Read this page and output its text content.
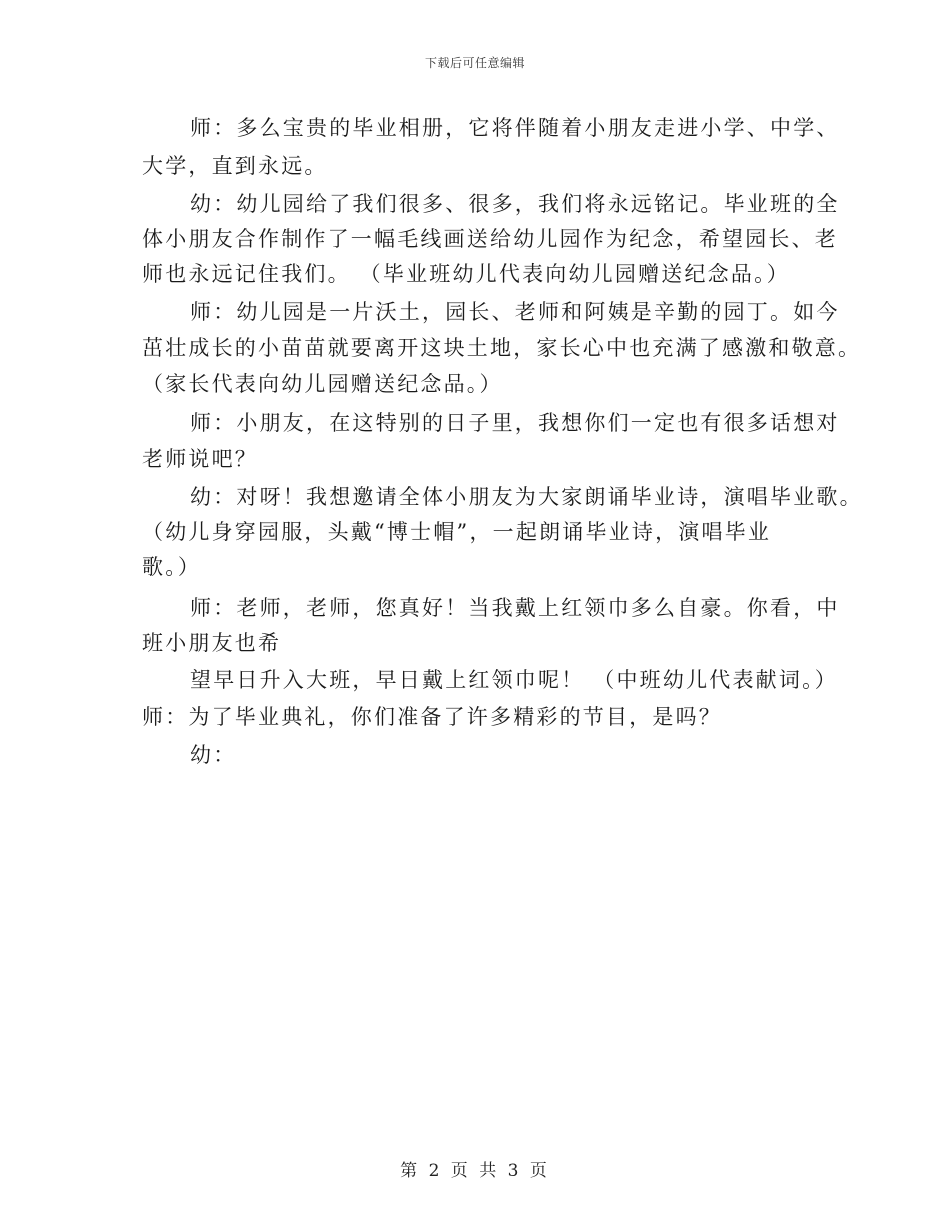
下载后可任意编辑
师：多么宝贵的毕业相册，它将伴随着小朋友走进小学、中学、
大学，直到永远。
幼：幼儿园给了我们很多、很多，我们将永远铭记。毕业班的全
体小朋友合作制作了一幅毛线画送给幼儿园作为纪念，希望园长、老
师也永远记住我们。 （毕业班幼儿代表向幼儿园赠送纪念品。）
师：幼儿园是一片沃土，园长、老师和阿姨是辛勤的园丁。如今
茁壮成长的小苗苗就要离开这块土地，家长心中也充满了感激和敬意。
（家长代表向幼儿园赠送纪念品。）
师：小朋友，在这特别的日子里，我想你们一定也有很多话想对
老师说吧？
幼：对呀！我想邀请全体小朋友为大家朗诵毕业诗，演唱毕业歌。
（幼儿身穿园服，头戴“博士帽”，一起朗诵毕业诗，演唱毕业
歌。）
师：老师，老师，您真好！当我戴上红领巾多么自豪。你看，中
班小朋友也希
望早日升入大班，早日戴上红领巾呢！ （中班幼儿代表献词。）
师：为了毕业典礼，你们准备了许多精彩的节目，是吗？
幼：
第 2 页 共 3 页
